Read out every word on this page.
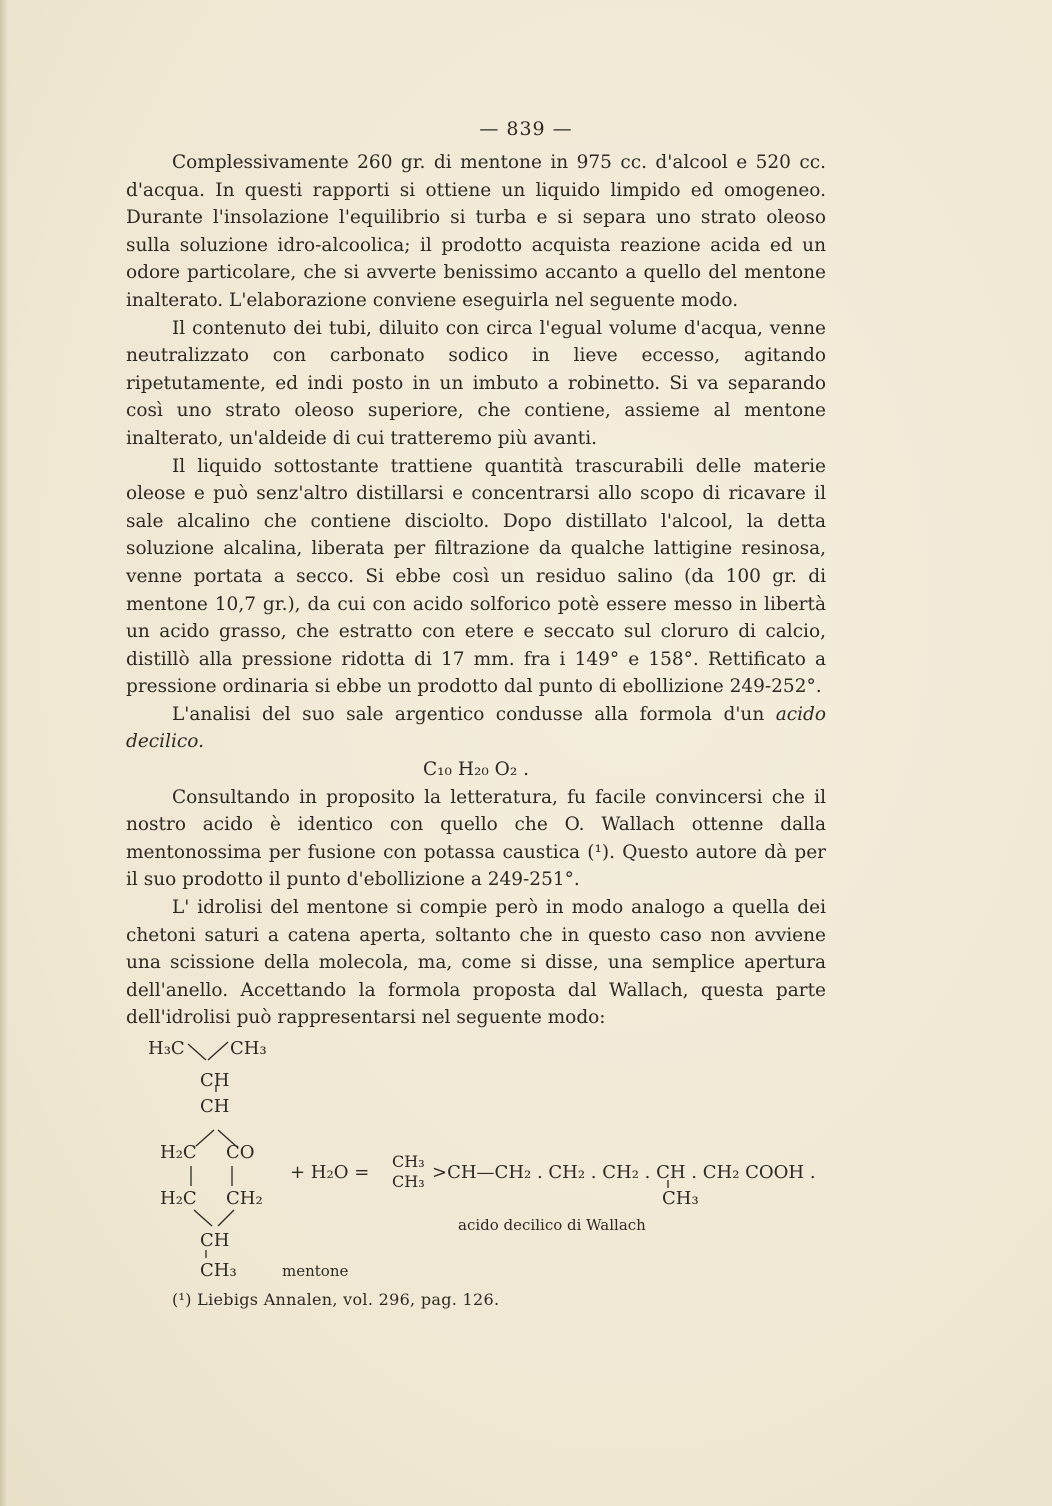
— 839 —

Complessivamente 260 gr. di mentone in 975 cc. d'alcool e 520 cc. d'acqua. In questi rapporti si ottiene un liquido limpido ed omogeneo. Durante l'insolazione l'equilibrio si turba e si separa uno strato oleoso sulla soluzione idro-alcoolica; il prodotto acquista reazione acida ed un odore particolare, che si avverte benissimo accanto a quello del mentone inalterato. L'elaborazione conviene eseguirla nel seguente modo.

Il contenuto dei tubi, diluito con circa l'egual volume d'acqua, venne neutralizzato con carbonato sodico in lieve eccesso, agitando ripetutamente, ed indi posto in un imbuto a robinetto. Si va separando così uno strato oleoso superiore, che contiene, assieme al mentone inalterato, un'aldeide di cui tratteremo più avanti.

Il liquido sottostante trattiene quantità trascurabili delle materie oleose e può senz'altro distillarsi e concentrarsi allo scopo di ricavare il sale alcalino che contiene disciolto. Dopo distillato l'alcool, la detta soluzione alcalina, liberata per filtrazione da qualche lattigine resinosa, venne portata a secco. Si ebbe così un residuo salino (da 100 gr. di mentone 10,7 gr.), da cui con acido solforico potè essere messo in libertà un acido grasso, che estratto con etere e seccato sul cloruro di calcio, distillò alla pressione ridotta di 17 mm. fra i 149° e 158°. Rettificato a pressione ordinaria si ebbe un prodotto dal punto di ebollizione 249-252°.

L'analisi del suo sale argentico condusse alla formola d'un acido decilico.

C₁₀ H₂₀ O₂ .

Consultando in proposito la letteratura, fu facile convincersi che il nostro acido è identico con quello che O. Wallach ottenne dalla mentonossima per fusione con potassa caustica (¹). Questo autore dà per il suo prodotto il punto d'ebollizione a 249-251°.

L' idrolisi del mentone si compie però in modo analogo a quella dei chetoni saturi a catena aperta, soltanto che in questo caso non avviene una scissione della molecola, ma, come si disse, una semplice apertura dell'anello. Accettando la formola proposta dal Wallach, questa parte dell'idrolisi può rappresentarsi nel seguente modo:

H₃C	CH₃
CH
CH
H₂C CO
H₂C CH₂
CH
CH₃	mentone
+ H₂O =
CH₃
CH₃ >CH—CH₂ . CH₂ . CH₂ . CH . CH₂ COOH .
CH₃
acido decilico di Wallach
(¹) Liebigs Annalen, vol. 296, pag. 126.
